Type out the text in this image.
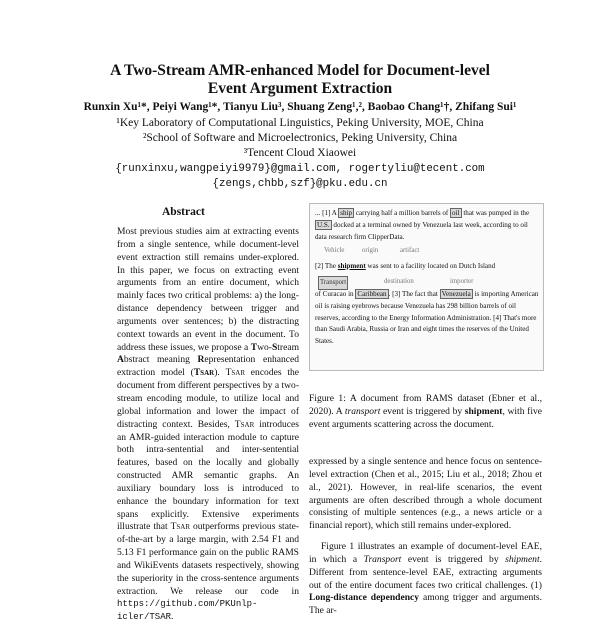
A Two-Stream AMR-enhanced Model for Document-level
Event Argument Extraction
Runxin Xu¹*, Peiyi Wang¹*, Tianyu Liu³, Shuang Zeng¹,², Baobao Chang¹†, Zhifang Sui¹
¹Key Laboratory of Computational Linguistics, Peking University, MOE, China
²School of Software and Microelectronics, Peking University, China
³Tencent Cloud Xiaowei
{runxinxu,wangpeiyi9979}@gmail.com, rogertyliu@tecent.com
{zengs,chbb,szf}@pku.edu.cn
Abstract
Most previous studies aim at extracting events from a single sentence, while document-level event extraction still remains under-explored. In this paper, we focus on extracting event arguments from an entire document, which mainly faces two critical problems: a) the long-distance dependency between trigger and arguments over sentences; b) the distracting context towards an event in the document. To address these issues, we propose a Two-Stream Abstract meaning Representation enhanced extraction model (Tsar). Tsar encodes the document from different perspectives by a two-stream encoding module, to utilize local and global information and lower the impact of distracting context. Besides, Tsar introduces an AMR-guided interaction module to capture both intra-sentential and inter-sentential features, based on the locally and globally constructed AMR semantic graphs. An auxiliary boundary loss is introduced to enhance the boundary information for text spans explicitly. Extensive experiments illustrate that Tsar outperforms previous state-of-the-art by a large margin, with 2.54 F1 and 5.13 F1 performance gain on the public RAMS and WikiEvents datasets respectively, showing the superiority in the cross-sentence arguments extraction. We release our code in https://github.com/PKUnlp-icler/TSAR.

... [1] A ship carrying half a million barrels of oil that was pumped in the U.S. docked at a terminal owned by Venezuela last week, according to oil data research firm ClipperData.

Vehicle	origin	artifact

[2] The shipment was sent to a facility located on Dutch Island

Transport	destination	importer

of Curacao in Caribbean . [3] The fact that Venezuela is importing American oil is raising eyebrows because Venezuela has 298 billion barrels of oil reserves, according to the Energy Information Administration. [4] That's more than Saudi Arabia, Russia or Iran and eight times the reserves of the United States.

Figure 1: A document from RAMS dataset (Ebner et al., 2020). A transport event is triggered by shipment, with five event arguments scattering across the document.

expressed by a single sentence and hence focus on sentence-level extraction (Chen et al., 2015; Liu et al., 2018; Zhou et al., 2021). However, in real-life scenarios, the event arguments are often described through a whole document consisting of multiple sentences (e.g., a news article or a financial report), which still remains under-explored.

Figure 1 illustrates an example of document-level EAE, in which a Transport event is triggered by shipment. Different from sentence-level EAE, extracting arguments out of the entire document faces two critical challenges. (1) Long-distance dependency among trigger and arguments. The ar-
